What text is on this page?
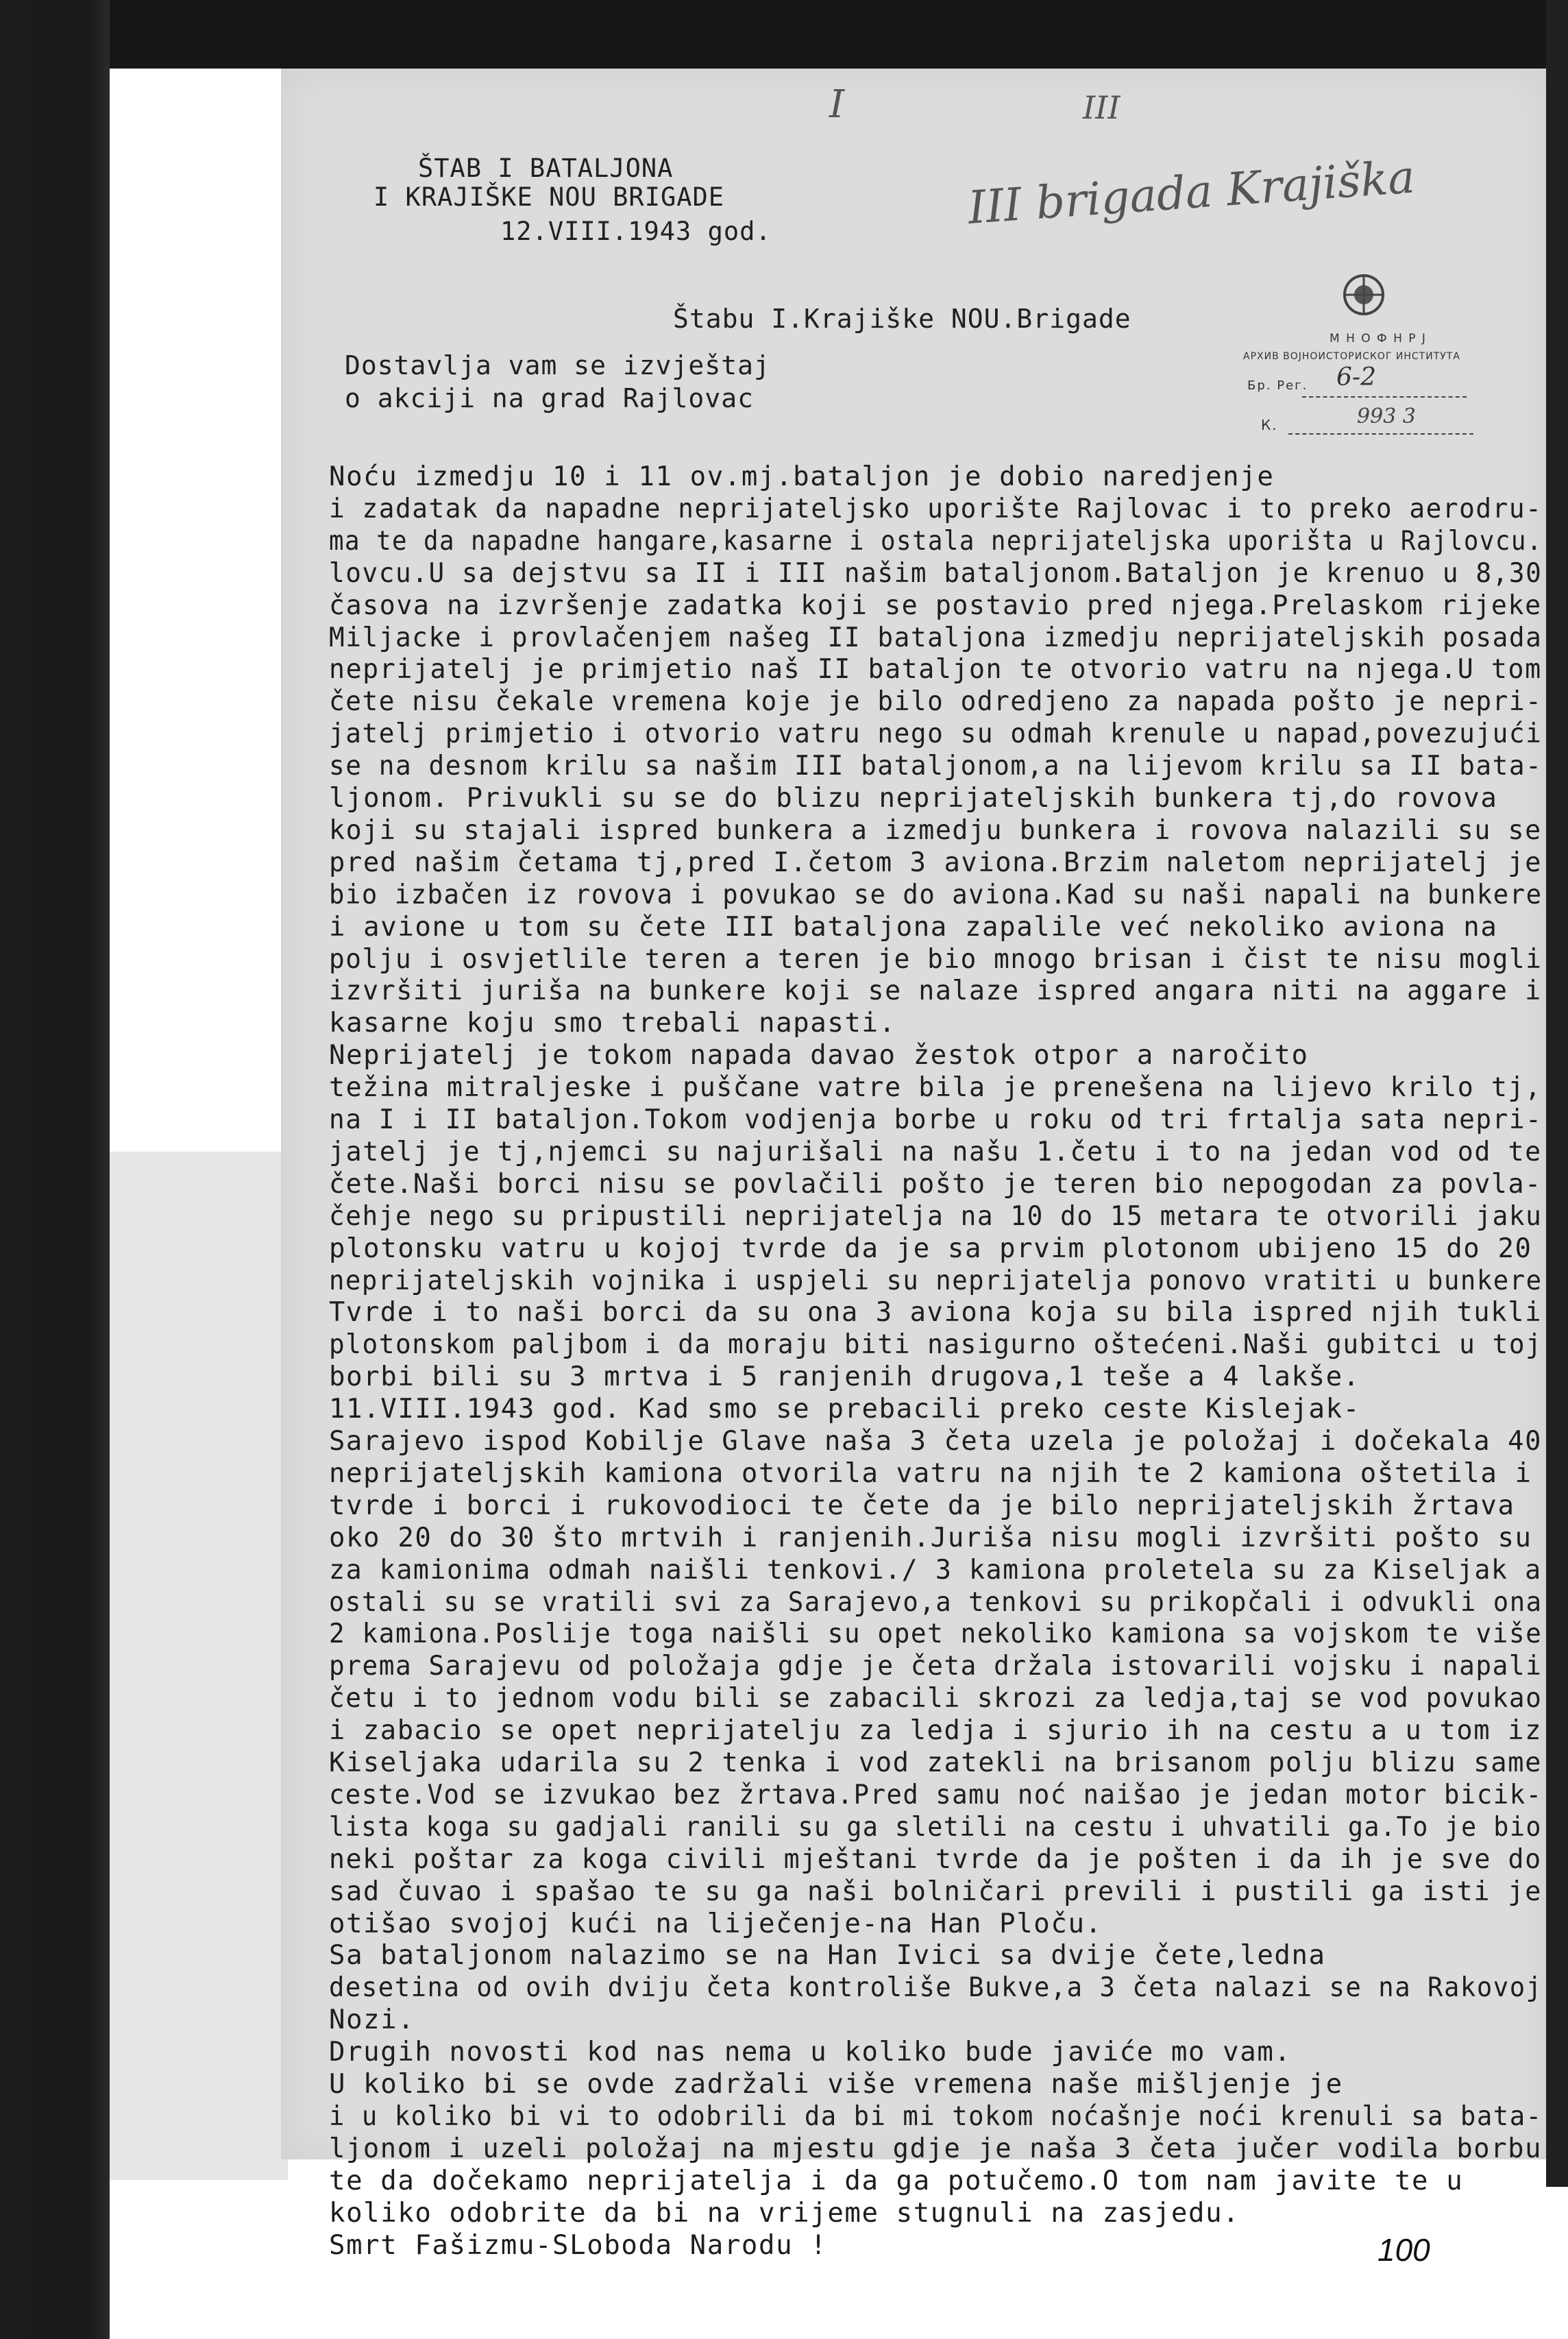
ŠTAB I BATALJONA
I KRAJIŠKE NOU BRIGADE
12.VIII.1943 god.
I	III
III brigada Krajiška
М Н О Ф Н Р Ј
АРХИВ ВОЈНОИСТОРИСКОГ ИНСТИТУТА
Бр. Рег. 6-2
К.	993 3
Štabu I.Krajiške NOU.Brigade
Dostavlja vam se izvještaj
o akciji na grad Rajlovac
Noću izmedju 10 i 11 ov.mj.bataljon je dobio naredjenje
i zadatak da napadne neprijateljsko uporište Rajlovac i to preko aerodru-
ma te da napadne hangare,kasarne i ostala neprijateljska uporišta u Rajlovcu.
lovcu.U sa dejstvu sa II i III našim bataljonom.Bataljon je krenuo u 8,30
časova na izvršenje zadatka koji se postavio pred njega.Prelaskom rijeke
Miljacke i provlačenjem našeg II bataljona izmedju neprijateljskih posada
neprijatelj je primjetio naš II bataljon te otvorio vatru na njega.U tom
čete nisu čekale vremena koje je bilo odredjeno za napada pošto je nepri-
jatelj primjetio i otvorio vatru nego su odmah krenule u napad,povezujući
se na desnom krilu sa našim III bataljonom,a na lijevom krilu sa II bata-
ljonom. Privukli su se do blizu neprijateljskih bunkera tj,do rovova
koji su stajali ispred bunkera a izmedju bunkera i rovova nalazili su se
pred našim četama tj,pred I.četom 3 aviona.Brzim naletom neprijatelj je
bio izbačen iz rovova i povukao se do aviona.Kad su naši napali na bunkere
i avione u tom su čete III bataljona zapalile već nekoliko aviona na
polju i osvjetlile teren a teren je bio mnogo brisan i čist te nisu mogli
izvršiti juriša na bunkere koji se nalaze ispred angara niti na aggare i
kasarne koju smo trebali napasti.
Neprijatelj je tokom napada davao žestok otpor a naročito
težina mitraljeske i puščane vatre bila je prenešena na lijevo krilo tj,
na I i II bataljon.Tokom vodjenja borbe u roku od tri frtalja sata nepri-
jatelj je tj,njemci su najurišali na našu 1.četu i to na jedan vod od te
čete.Naši borci nisu se povlačili pošto je teren bio nepogodan za povla-
čehje nego su pripustili neprijatelja na 10 do 15 metara te otvorili jaku
plotonsku vatru u kojoj tvrde da je sa prvim plotonom ubijeno 15 do 20
neprijateljskih vojnika i uspjeli su neprijatelja ponovo vratiti u bunkere
Tvrde i to naši borci da su ona 3 aviona koja su bila ispred njih tukli
plotonskom paljbom i da moraju biti nasigurno oštećeni.Naši gubitci u toj
borbi bili su 3 mrtva i 5 ranjenih drugova,1 teše a 4 lakše.
11.VIII.1943 god. Kad smo se prebacili preko ceste Kislejak-
Sarajevo ispod Kobilje Glave naša 3 četa uzela je položaj i dočekala 40
neprijateljskih kamiona otvorila vatru na njih te 2 kamiona oštetila i
tvrde i borci i rukovodioci te čete da je bilo neprijateljskih žrtava
oko 20 do 30 što mrtvih i ranjenih.Juriša nisu mogli izvršiti pošto su
za kamionima odmah naišli tenkovi./ 3 kamiona proletela su za Kiseljak a
ostali su se vratili svi za Sarajevo,a tenkovi su prikopčali i odvukli ona
2 kamiona.Poslije toga naišli su opet nekoliko kamiona sa vojskom te više
prema Sarajevu od položaja gdje je četa držala istovarili vojsku i napali
četu i to jednom vodu bili se zabacili skrozi za ledja,taj se vod povukao
i zabacio se opet neprijatelju za ledja i sjurio ih na cestu a u tom iz
Kiseljaka udarila su 2 tenka i vod zatekli na brisanom polju blizu same
ceste.Vod se izvukao bez žrtava.Pred samu noć naišao je jedan motor bicik-
lista koga su gadjali ranili su ga sletili na cestu i uhvatili ga.To je bio
neki poštar za koga civili mještani tvrde da je pošten i da ih je sve do
sad čuvao i spašao te su ga naši bolničari previli i pustili ga isti je
otišao svojoj kući na liječenje-na Han Ploču.
Sa bataljonom nalazimo se na Han Ivici sa dvije čete,ledna
desetina od ovih dviju četa kontroliše Bukve,a 3 četa nalazi se na Rakovoj
Nozi.
Drugih novosti kod nas nema u koliko bude javiće mo vam.
U koliko bi se ovde zadržali više vremena naše mišljenje je
i u koliko bi vi to odobrili da bi mi tokom noćašnje noći krenuli sa bata-
ljonom i uzeli položaj na mjestu gdje je naša 3 četa jučer vodila borbu
te da dočekamo neprijatelja i da ga potučemo.O tom nam javite te u
koliko odobrite da bi na vrijeme stugnuli na zasjedu.
Smrt Fašizmu-SLoboda Narodu !	100
